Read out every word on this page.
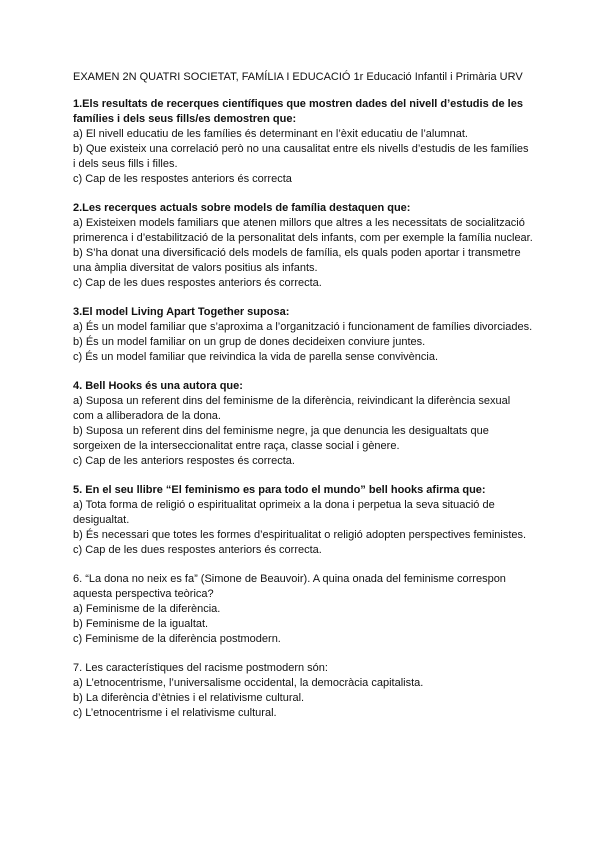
EXAMEN 2N QUATRI SOCIETAT, FAMÍLIA I EDUCACIÓ 1r Educació Infantil i Primària URV

1.Els resultats de recerques científiques que mostren dades del nivell d’estudis de les famílies i dels seus fills/es demostren que:

a) El nivell educatiu de les famílies és determinant en l’èxit educatiu de l’alumnat.

b) Que existeix una correlació però no una causalitat entre els nivells d’estudis de les famílies i dels seus fills i filles.

c) Cap de les respostes anteriors és correcta

2.Les recerques actuals sobre models de família destaquen que:

a) Existeixen models familiars que atenen millors que altres a les necessitats de socialització primerenca i d’estabilització de la personalitat dels infants, com per exemple la família nuclear.

b) S’ha donat una diversificació dels models de família, els quals poden aportar i transmetre una àmplia diversitat de valors positius als infants.

c) Cap de les dues respostes anteriors és correcta.

3.El model Living Apart Together suposa:

a) És un model familiar que s’aproxima a l’organització i funcionament de famílies divorciades.

b) És un model familiar on un grup de dones decideixen conviure juntes.

c) És un model familiar que reivindica la vida de parella sense convivència.

4. Bell Hooks és una autora que:

a) Suposa un referent dins del feminisme de la diferència, reivindicant la diferència sexual com a alliberadora de la dona.

b) Suposa un referent dins del feminisme negre, ja que denuncia les desigualtats que sorgeixen de la interseccionalitat entre raça, classe social i gènere.

c) Cap de les anteriors respostes és correcta.

5. En el seu llibre “El feminismo es para todo el mundo” bell hooks afirma que:

a) Tota forma de religió o espiritualitat oprimeix a la dona i perpetua la seva situació de desigualtat.

b) És necessari que totes les formes d’espiritualitat o religió adopten perspectives feministes.

c) Cap de les dues respostes anteriors és correcta.

6. “La dona no neix es fa” (Simone de Beauvoir). A quina onada del feminisme correspon aquesta perspectiva teòrica?

a) Feminisme de la diferència.

b) Feminisme de la igualtat.

c) Feminisme de la diferència postmodern.

7. Les característiques del racisme postmodern són:

a) L’etnocentrisme, l’universalisme occidental, la democràcia capitalista.

b) La diferència d’ètnies i el relativisme cultural.

c) L’etnocentrisme i el relativisme cultural.
